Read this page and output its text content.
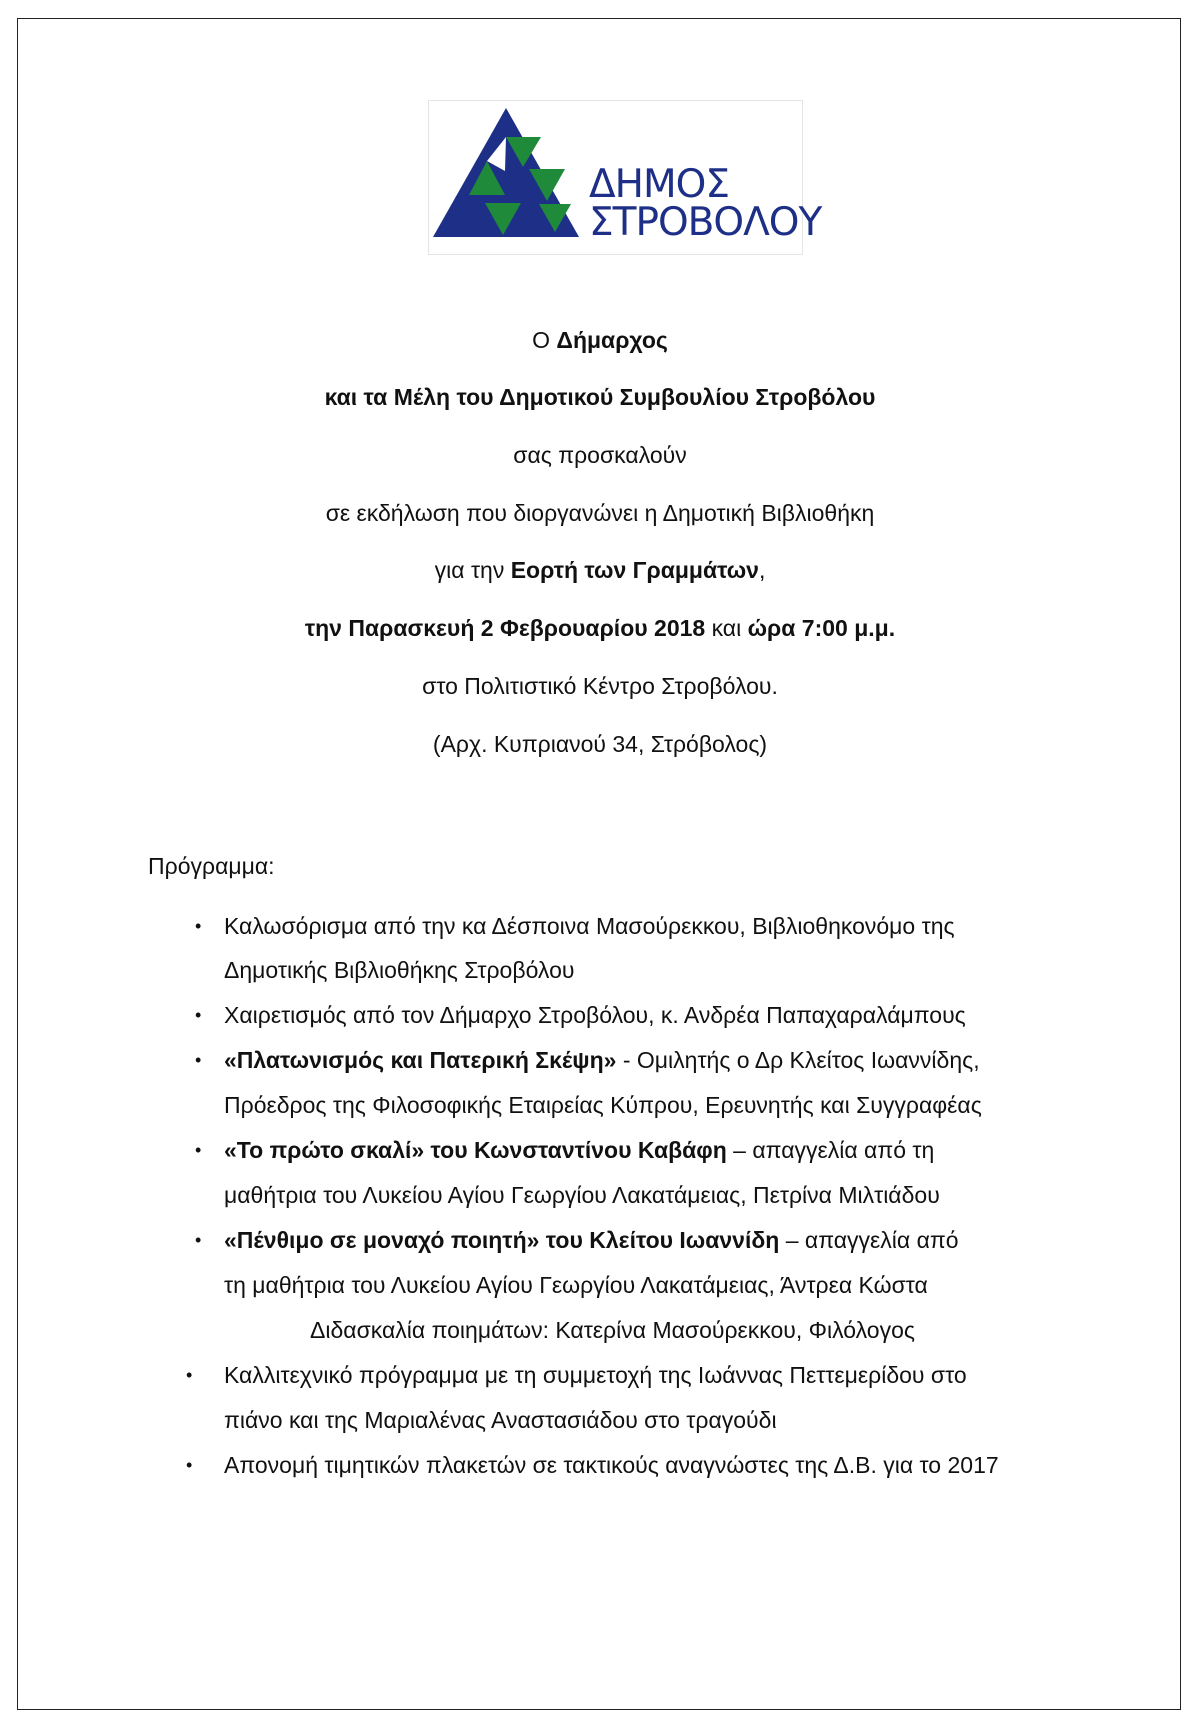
ΔΗΜΟΣ
ΣΤΡΟΒΟΛΟΥ
Ο Δήμαρχος
και τα Μέλη του Δημοτικού Συμβουλίου Στροβόλου
σας προσκαλούν
σε εκδήλωση που διοργανώνει η Δημοτική Βιβλιοθήκη
για την Εορτή των Γραμμάτων,
την Παρασκευή 2 Φεβρουαρίου 2018 και ώρα 7:00 μ.μ.
στο Πολιτιστικό Κέντρο Στροβόλου.
(Αρχ. Κυπριανού 34, Στρόβολος)
Πρόγραμμα:
• Καλωσόρισμα από την κα Δέσποινα Μασούρεκκου, Βιβλιοθηκονόμο της
Δημοτικής Βιβλιοθήκης Στροβόλου
• Χαιρετισμός από τον Δήμαρχο Στροβόλου, κ. Ανδρέα Παπαχαραλάμπους
• «Πλατωνισμός και Πατερική Σκέψη» - Ομιλητής ο Δρ Κλείτος Ιωαννίδης,
Πρόεδρος της Φιλοσοφικής Εταιρείας Κύπρου, Ερευνητής και Συγγραφέας
• «Το πρώτο σκαλί» του Κωνσταντίνου Καβάφη – απαγγελία από τη
μαθήτρια του Λυκείου Αγίου Γεωργίου Λακατάμειας, Πετρίνα Μιλτιάδου
• «Πένθιμο σε μοναχό ποιητή» του Κλείτου Ιωαννίδη – απαγγελία από
τη μαθήτρια του Λυκείου Αγίου Γεωργίου Λακατάμειας, Άντρεα Κώστα
Διδασκαλία ποιημάτων: Κατερίνα Μασούρεκκου, Φιλόλογος
• Καλλιτεχνικό πρόγραμμα με τη συμμετοχή της Ιωάννας Πεττεμερίδου στο
πιάνο και της Μαριαλένας Αναστασιάδου στο τραγούδι
• Απονομή τιμητικών πλακετών σε τακτικούς αναγνώστες της Δ.Β. για το 2017
